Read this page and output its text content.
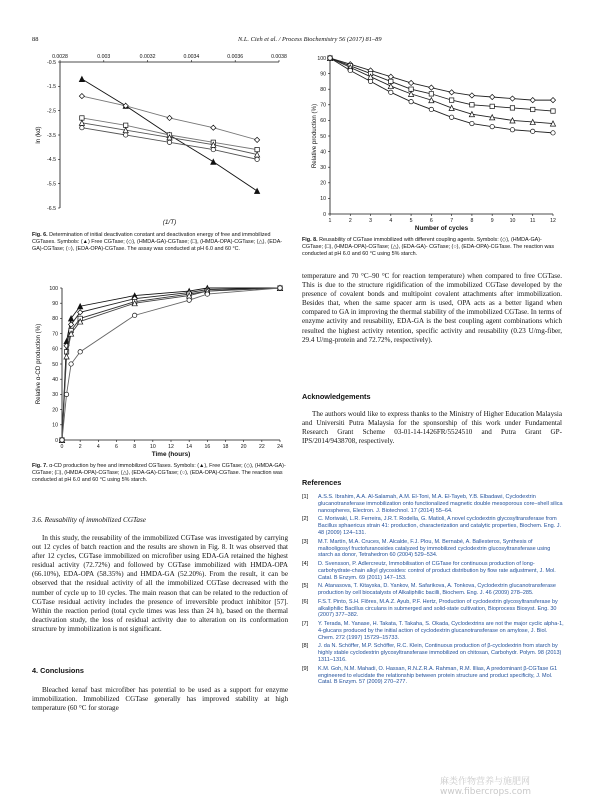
88	N.L. Cieh et al. / Process Biochemistry 56 (2017) 81–89
0.0028	0.003	0.0032	0.0034	0.0036	0.0038
-0.5
-1.5
-2.5
-3.5
-4.5
-5.5
-6.5
(1/T)
ln (kd)
Fig. 6. Determination of initial deactivation constant and deactivation energy of free and immobilized CGTases. Symbols: (▲) Free CGTase; (◇), (HMDA-GA)-CGTase; (□), (HMDA-OPA)-CGTase; (△), (EDA-GA)-CGTase; (○), (EDA-OPA)-CGTase. The assay was conducted at pH 6.0 and 60 °C.
1	2	3	4	5	6	7	8	9	10	11	12
0
10
20
30
40
50
60
70
80
90
100
Number of cycles
Relative production (%)
Fig. 8. Reusability of CGTase immobilized with different coupling agents. Symbols: (◇), (HMDA-GA)-CGTase; (□), (HMDA-OPA)-CGTase; (△), (EDA-GA)- CGTase; (○), (EDA-OPA)-CGTase. The reaction was conducted at pH 6.0 and 60 °C using 5% starch.
0	2	4	6	8	10 12 14 16 18 20 22 24
0
10
20
30
40
50
60
70
80
90
100
Time (hours)
Relative α-CD production (%)
Fig. 7. α-CD production by free and immobilized CGTases. Symbols: (▲), Free CGTase; (◇), (HMDA-GA)-CGTase; (□), (HMDA-OPA)-CGTase; (△), (EDA-GA)-CGTase; (○), (EDA-OPA)-CGTase. The reaction was conducted at pH 6.0 and 60 °C using 5% starch.
3.6. Reusability of immobilized CGTase
In this study, the reusability of the immobilized CGTase was investigated by carrying out 12 cycles of batch reaction and the results are shown in Fig. 8. It was observed that after 12 cycles, CGTase immobilized on microfiber using EDA-GA retained the highest residual activity (72.72%) and followed by CGTase immobilized with HMDA-OPA (66.10%), EDA-OPA (58.35%) and HMDA-GA (52.20%). From the result, it can be observed that the residual activity of all the immobilized CGTase decreased with the number of cycle up to 10 cycles. The main reason that can be related to the reduction of CGTase residual activity includes the presence of irreversible product inhibitor [57]. Within the reaction period (total cycle times was less than 24 h), based on the thermal deactivation study, the loss of residual activity due to alteration on its conformation structure by immobilization is not significant.
4. Conclusions
Bleached kenaf bast microfiber has potential to be used as a support for enzyme immobilization. Immobilized CGTase generally has improved stability at high temperature (60 °C for storage
temperature and 70 °C–90 °C for reaction temperature) when compared to free CGTase. This is due to the structure rigidification of the immobilized CGTase developed by the presence of covalent bonds and multipoint covalent attachments after immobilization. Besides that, when the same spacer arm is used, OPA acts as a better ligand when compared to GA in improving the thermal stability of the immobilized CGTase. In terms of enzyme activity and reusability, EDA-GA is the best coupling agent combinations which resulted the highest activity retention, specific activity and reusability (0.23 U/mg-fiber, 29.4 U/mg-protein and 72.72%, respectively).
Acknowledgements
The authors would like to express thanks to the Ministry of Higher Education Malaysia and Universiti Putra Malaysia for the sponsorship of this work under Fundamental Research Grant Scheme 03-01-14-1426FR/5524510 and Putra Grant GP-IPS/2014/9438708, respectively.
References
[1]	A.S.S. Ibrahim, A.A. Al-Salamah, A.M. El-Toni, M.A. El-Tayeb, Y.B. Elbadawi, Cyclodextrin glucanotransferase immobilization onto functionalized magnetic double mesoporous core–shell silica nanospheres, Electron. J. Biotechnol. 17 (2014) 55–64.
[2]	C. Moriwaki, L.R. Ferreira, J.R.T. Rodella, G. Matioli, A novel cyclodextrin glycosyltransferase from Bacillus sphaericus strain 41: production, characterization and catalytic properties, Biochem. Eng. J. 48 (2009) 124–131.
[3]	M.T. Martín, M.A. Cruces, M. Alcalde, F.J. Plou, M. Bernabé, A. Ballesteros, Synthesis of maltooligosyl fructofuranosides catalyzed by immobilized cyclodextrin glucosyltransferase using starch as donor, Tetrahedron 60 (2004) 529–534.
[4]	D. Svensson, P. Adlercreutz, Immobilisation of CGTase for continuous production of long-carbohydrate-chain alkyl glycosides: control of product distribution by flow rate adjustment, J. Mol. Catal. B Enzym. 69 (2011) 147–153.
[5]	N. Atanasova, T. Kitayska, D. Yankov, M. Safarikova, A. Tonkova, Cyclodextrin glucanotransferase production by cell biocatalysts of Alkaliphilic bacilli, Biochem. Eng. J. 46 (2009) 278–285.
[6]	F.S.T. Pinto, S.H. Flôres, M.A.Z. Ayub, P.F. Hertz, Production of cyclodextrin glycosyltransferase by alkaliphilic Bacillus circulans in submerged and solid-state cultivation, Bioprocess Biosyst. Eng. 30 (2007) 377–382.
[7]	Y. Terada, M. Yanase, H. Takata, T. Takaha, S. Okada, Cyclodextrins are not the major cyclic alpha-1, 4-glucans produced by the initial action of cyclodextrin glucanotransferase on amylose, J. Biol. Chem. 272 (1997) 15729–15733.
[8]	J. da N. Schöffer, M.P. Schöffer, R.C. Klein, Continuous production of β-cyclodextrin from starch by highly stable cyclodextrin glycosyltransferase immobilized on chitosan, Carbohydr. Polym. 98 (2013) 1311–1316.
[9]	K.M. Goh, N.M. Mahadi, O. Hassan, R.N.Z.R.A. Rahman, R.M. Illias, A predominant β-CGTase G1 engineered to elucidate the relationship between protein structure and product specificity, J. Mol. Catal. B Enzym. 57 (2009) 270–277.
麻类作物营养与施肥网 www.fibercrops.com
